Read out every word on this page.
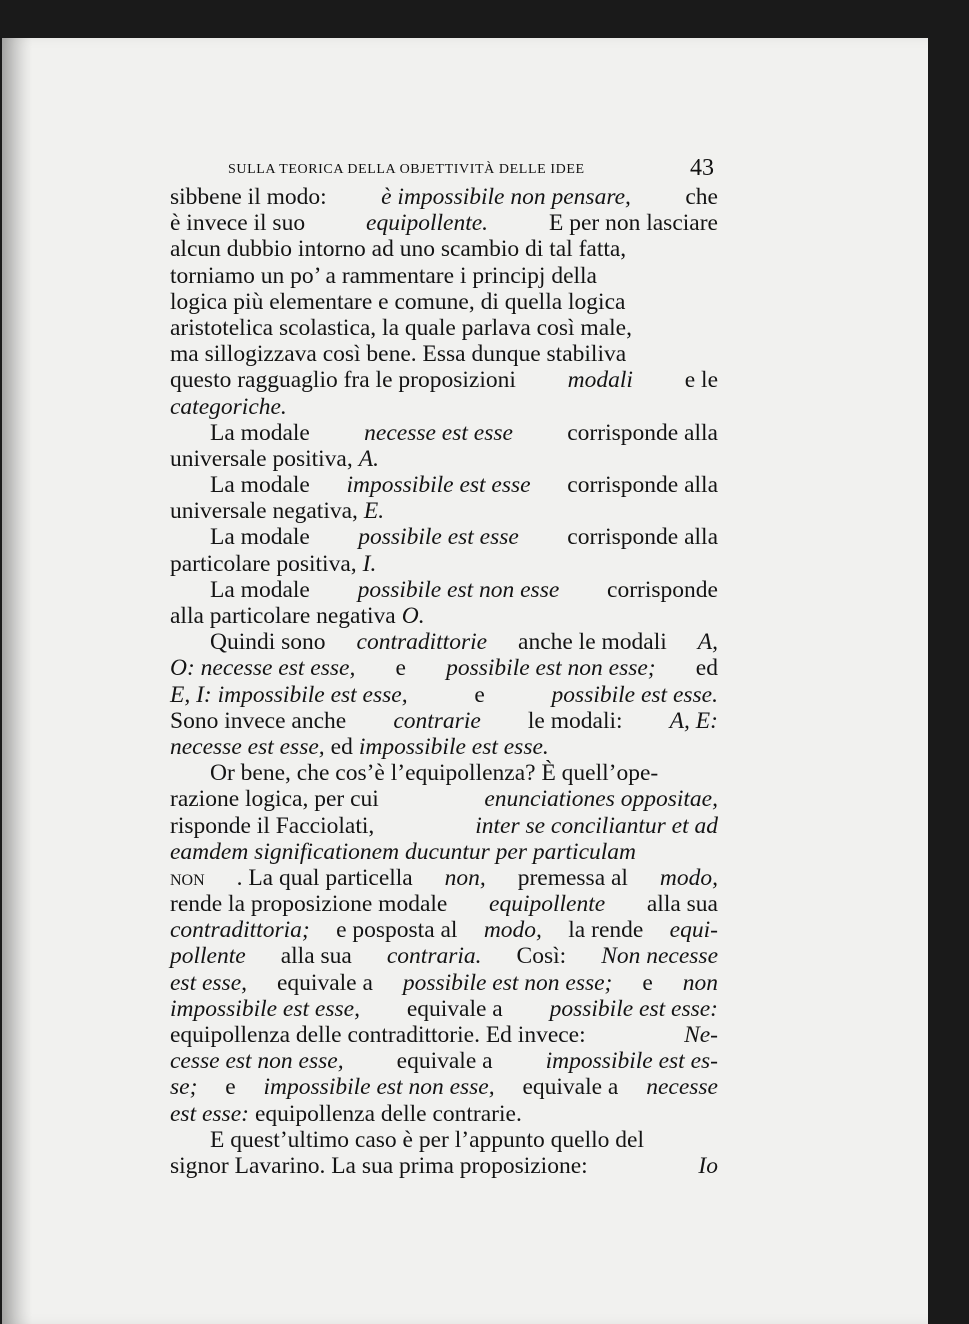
SULLA TEORICA DELLA OBJETTIVITÀ DELLE IDEE	43
sibbene il modo: è impossibile non pensare, che
è invece il suo	equipollente.	E per non lasciare
alcun dubbio intorno ad uno scambio di tal fatta,
torniamo un po’ a rammentare i principj della
logica più elementare e comune, di quella logica
aristotelica scolastica, la quale parlava così male,
ma sillogizzava così bene. Essa dunque stabiliva
questo ragguaglio fra le proposizioni modali e le
categoriche.
La modale necesse est esse corrisponde alla
universale positiva, A.
La modale impossibile est esse corrisponde alla
universale negativa, E.
La modale possibile est esse corrisponde alla
particolare positiva, I.
La modale possibile est non esse corrisponde
alla particolare negativa O.
Quindi sono contradittorie anche le modali A,
O: necesse est esse, e possibile est non esse; ed
E, I: impossibile est esse,	e	possibile est esse.
Sono invece anche contrarie le modali: A, E:
necesse est esse, ed impossibile est esse.
Or bene, che cos’è l’equipollenza? È quell’ope-
razione logica, per cui	enunciationes oppositae,
risponde il Facciolati,	inter se conciliantur et ad
eamdem significationem ducuntur per particulam
non . La qual particella non, premessa al modo,
rende la proposizione modale equipollente alla sua
contradittoria; e posposta al modo, la rende equi-
pollente alla sua contraria. Così: Non necesse
est esse, equivale a possibile est non esse; e non
impossibile est esse, equivale a possibile est esse:
equipollenza delle contradittorie. Ed invece:	Ne-
cesse est non esse, equivale a impossibile est es-
se; e impossibile est non esse, equivale a necesse
est esse: equipollenza delle contrarie.
E quest’ultimo caso è per l’appunto quello del
signor Lavarino. La sua prima proposizione:	Io
